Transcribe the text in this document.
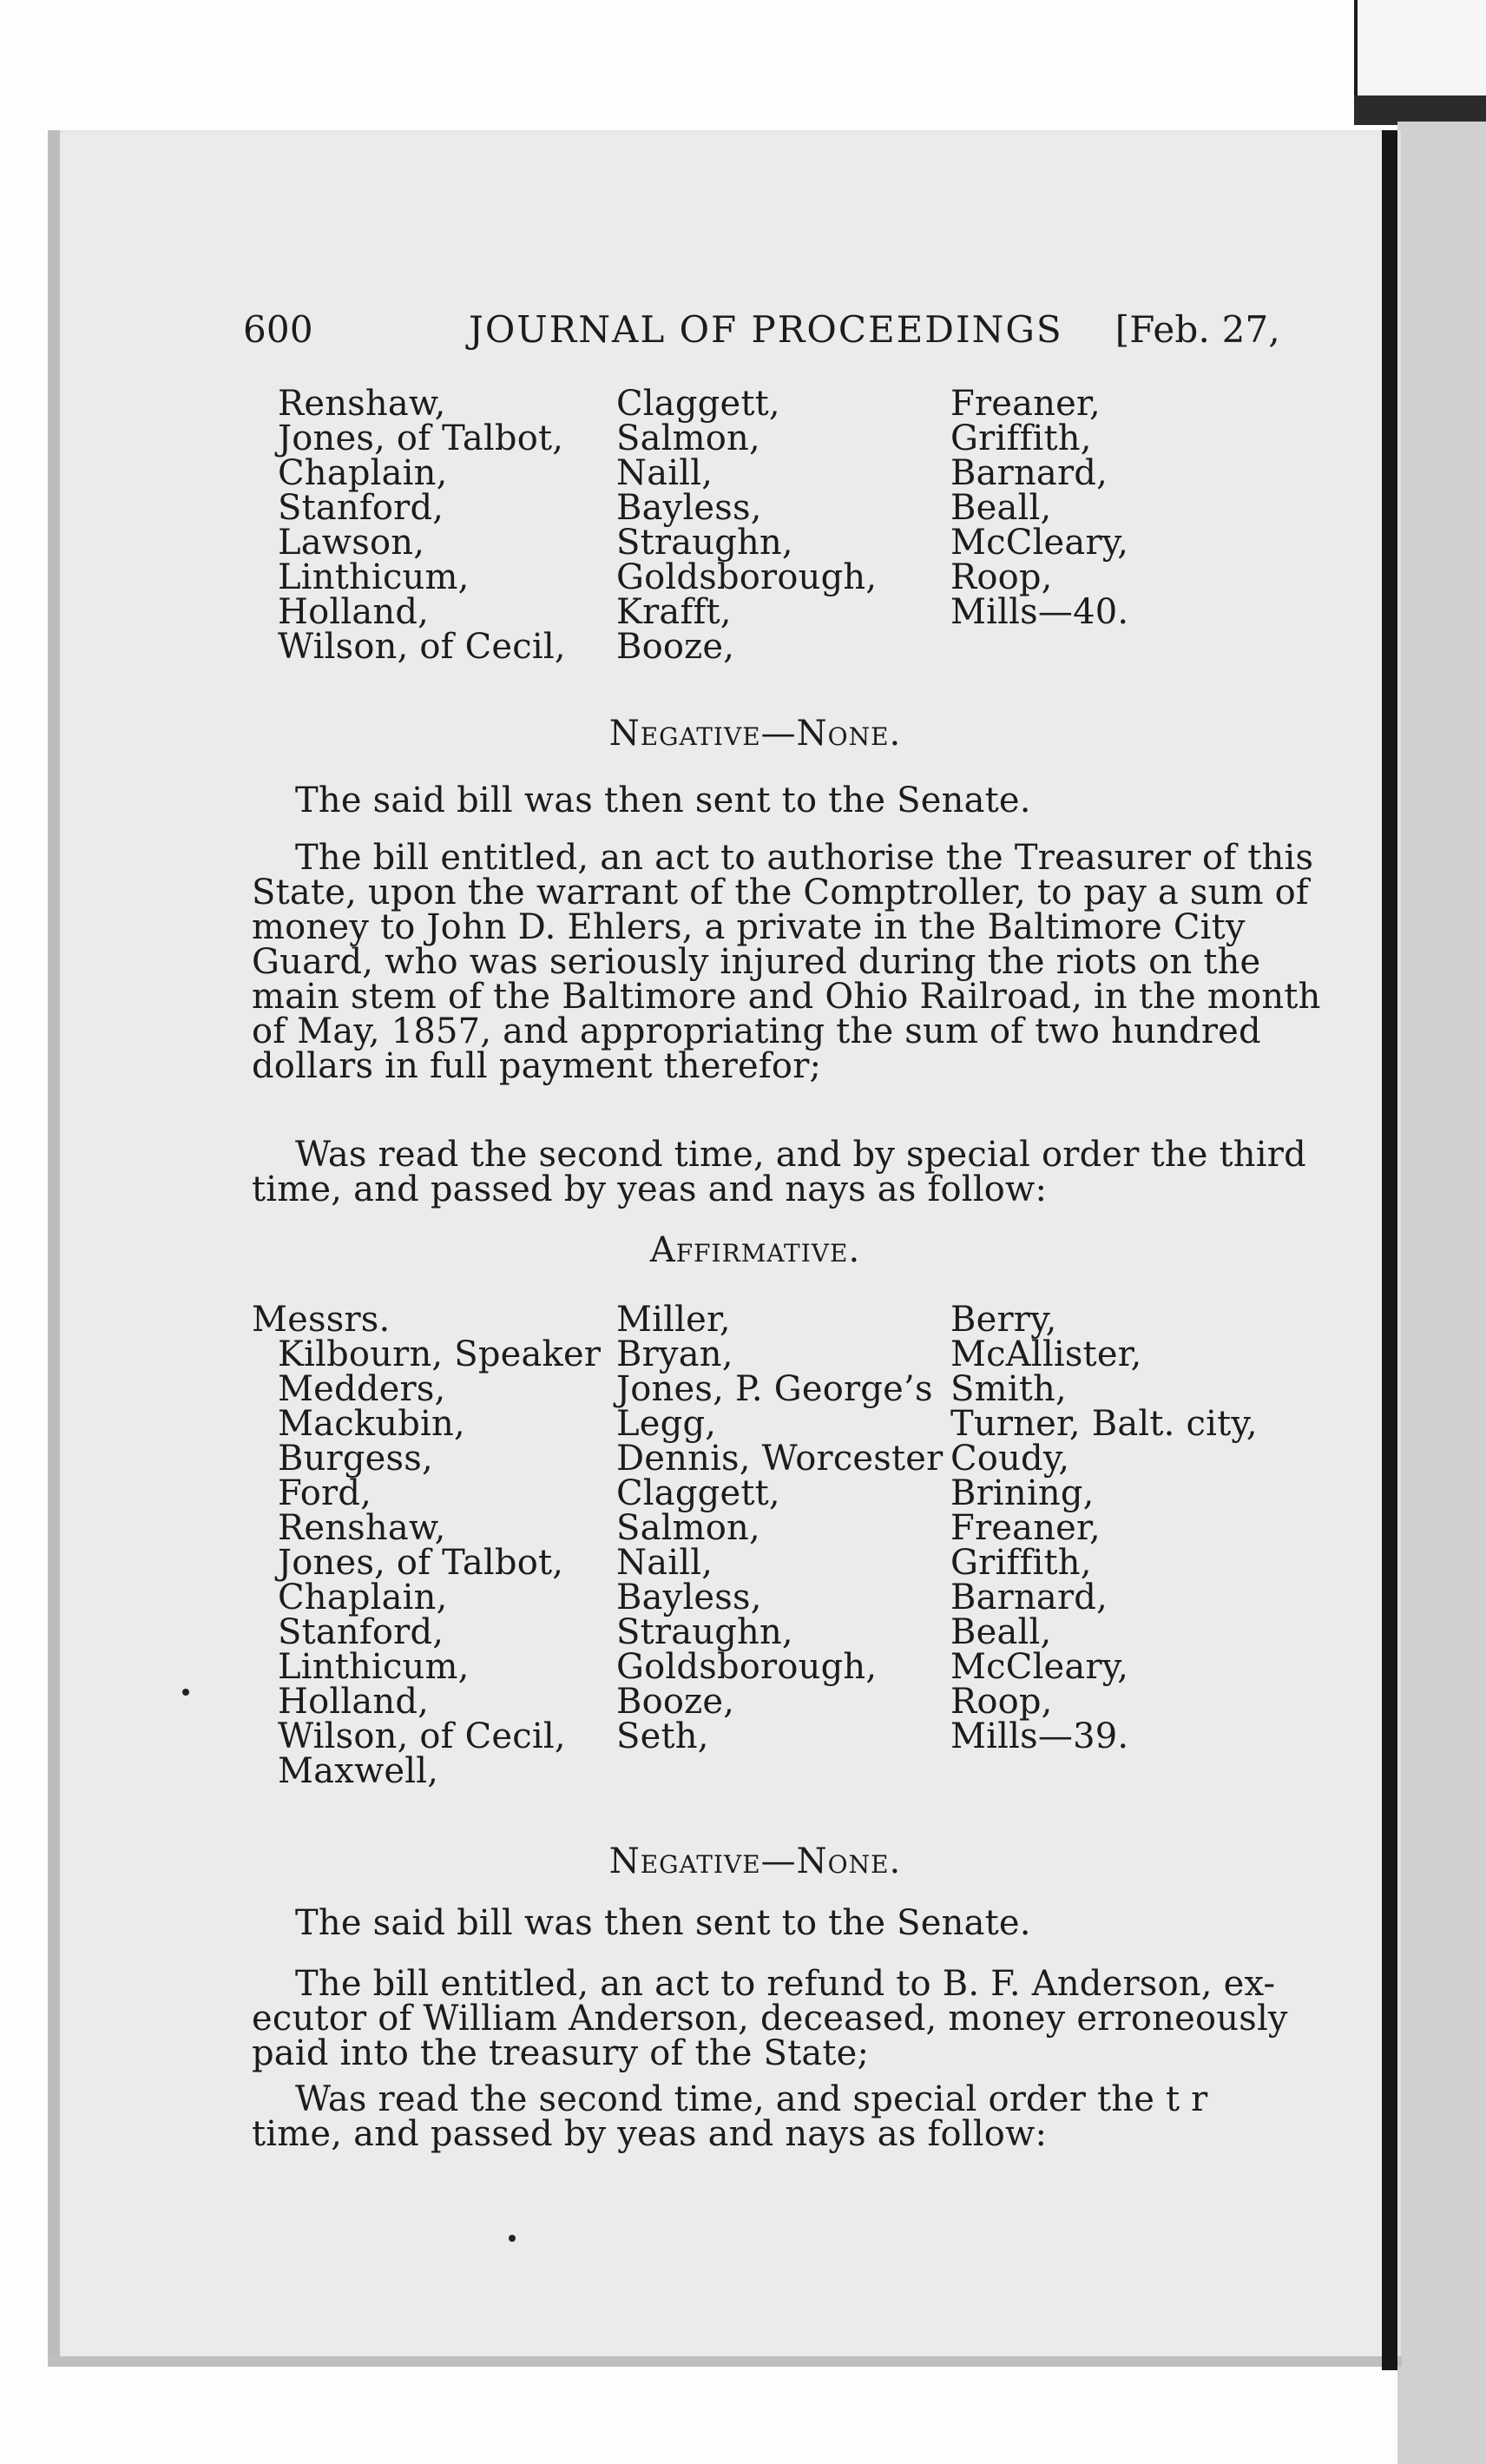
600	JOURNAL OF PROCEEDINGS [Feb. 27,
Renshaw,
Jones, of Talbot,
Chaplain,
Stanford,
Lawson,
Linthicum,
Holland,
Wilson, of Cecil,
Claggett,
Salmon,
Naill,
Bayless,
Straughn,
Goldsborough,
Krafft,
Booze,
Freaner,
Griffith,
Barnard,
Beall,
McCleary,
Roop,
Mills—40.
Negative—None.
The said bill was then sent to the Senate.
The bill entitled, an act to authorise the Treasurer of this
State, upon the warrant of the Comptroller, to pay a sum of
money to John D. Ehlers, a private in the Baltimore City
Guard, who was seriously injured during the riots on the
main stem of the Baltimore and Ohio Railroad, in the month
of May, 1857, and appropriating the sum of two hundred
dollars in full payment therefor;
Was read the second time, and by special order the third
time, and passed by yeas and nays as follow:
Affirmative.
Messrs.
Kilbourn, Speaker
Medders,
Mackubin,
Burgess,
Ford,
Renshaw,
Jones, of Talbot,
Chaplain,
Stanford,
Linthicum,
Holland,
Wilson, of Cecil,
Maxwell,
Miller,
Bryan,
Jones, P. George’s
Legg,
Dennis, Worcester
Claggett,
Salmon,
Naill,
Bayless,
Straughn,
Goldsborough,
Booze,
Seth,
Berry,
McAllister,
Smith,
Turner, Balt. city,
Coudy,
Brining,
Freaner,
Griffith,
Barnard,
Beall,
McCleary,
Roop,
Mills—39.
Negative—None.
The said bill was then sent to the Senate.
The bill entitled, an act to refund to B. F. Anderson, ex-
ecutor of William Anderson, deceased, money erroneously
paid into the treasury of the State;
Was read the second time, and special order the t r
time, and passed by yeas and nays as follow:
